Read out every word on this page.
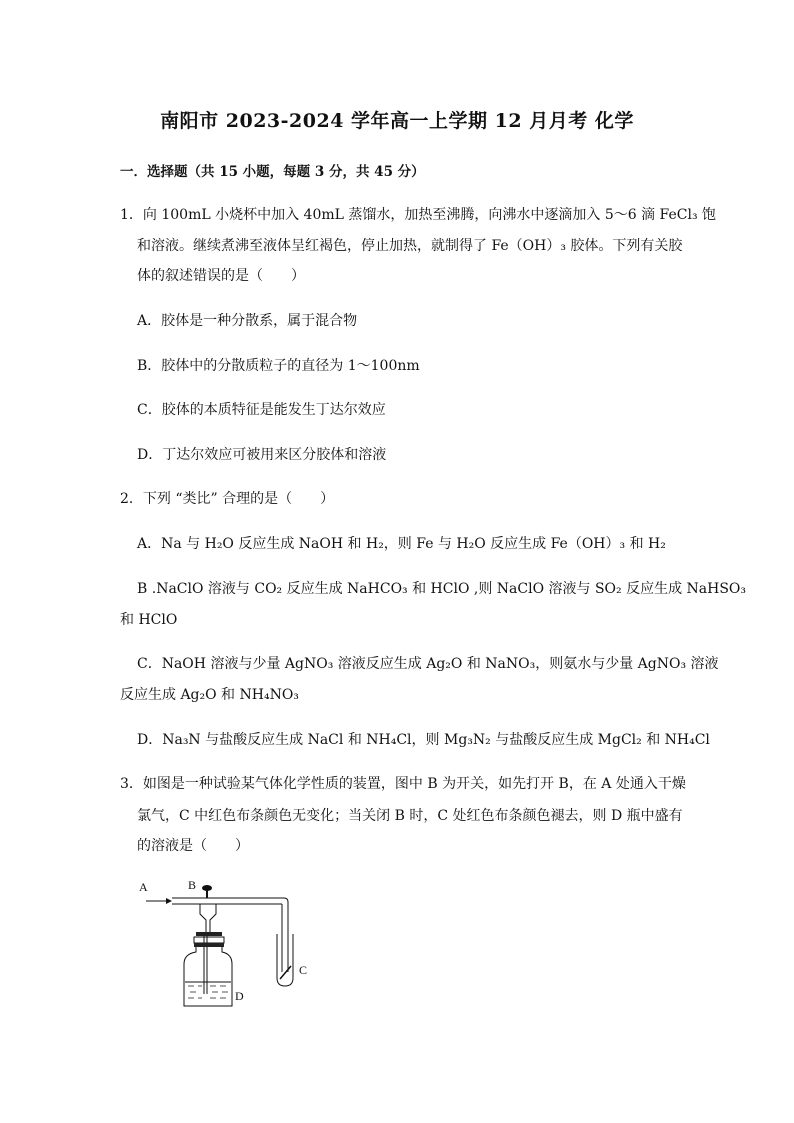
南阳市 2023-2024 学年高一上学期 12 月月考 化学
一．选择题（共 15 小题，每题 3 分，共 45 分）
1．向 100mL 小烧杯中加入 40mL 蒸馏水，加热至沸腾，向沸水中逐滴加入 5～6 滴 FeCl₃ 饱
和溶液。继续煮沸至液体呈红褐色，停止加热，就制得了 Fe（OH）₃ 胶体。下列有关胶
体的叙述错误的是（　　）
A．胶体是一种分散系，属于混合物
B．胶体中的分散质粒子的直径为 1～100nm
C．胶体的本质特征是能发生丁达尔效应
D．丁达尔效应可被用来区分胶体和溶液
2．下列 “类比” 合理的是（　　）
A．Na 与 H₂O 反应生成 NaOH 和 H₂，则 Fe 与 H₂O 反应生成 Fe（OH）₃ 和 H₂
B .NaClO 溶液与 CO₂ 反应生成 NaHCO₃ 和 HClO ,则 NaClO 溶液与 SO₂ 反应生成 NaHSO₃
和 HClO
C．NaOH 溶液与少量 AgNO₃ 溶液反应生成 Ag₂O 和 NaNO₃，则氨水与少量 AgNO₃ 溶液
反应生成 Ag₂O 和 NH₄NO₃
D．Na₃N 与盐酸反应生成 NaCl 和 NH₄Cl，则 Mg₃N₂ 与盐酸反应生成 MgCl₂ 和 NH₄Cl
3．如图是一种试验某气体化学性质的装置，图中 B 为开关，如先打开 B，在 A 处通入干燥
氯气，C 中红色布条颜色无变化；当关闭 B 时，C 处红色布条颜色褪去，则 D 瓶中盛有
的溶液是（　　）
A	B
D
C
